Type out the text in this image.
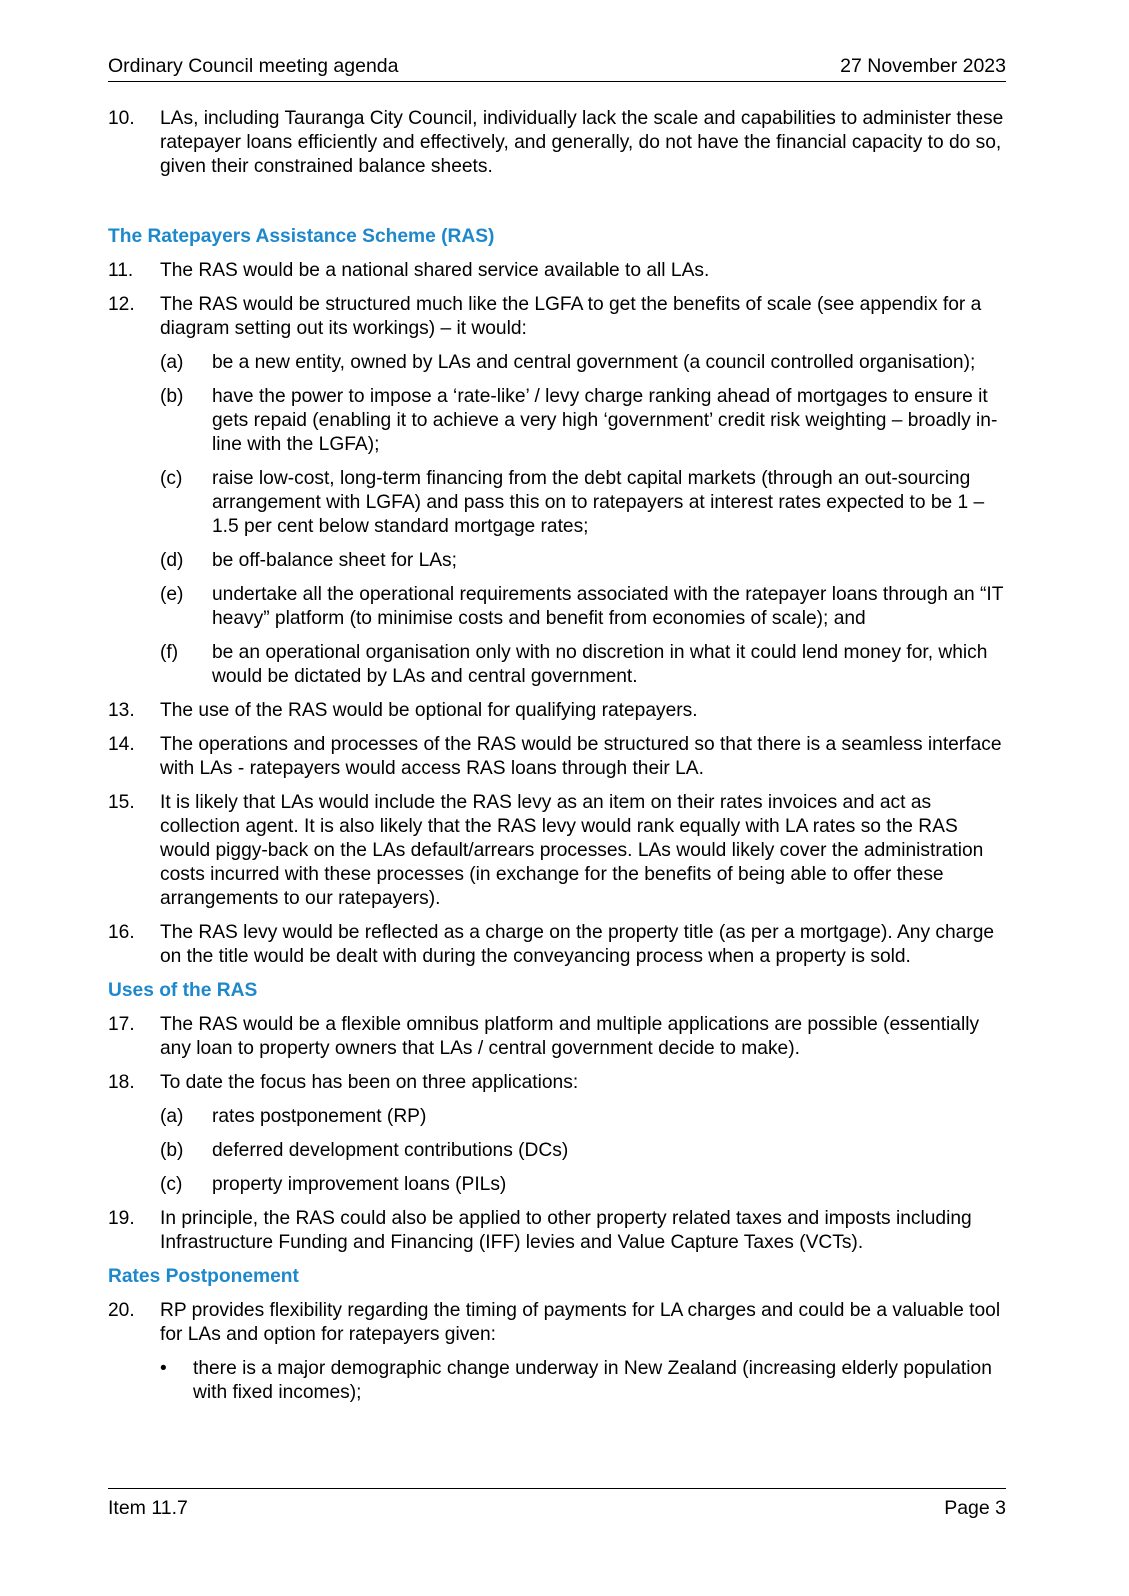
Ordinary Council meeting agenda	27 November 2023
10.	LAs, including Tauranga City Council, individually lack the scale and capabilities to administer these ratepayer loans efficiently and effectively, and generally, do not have the financial capacity to do so, given their constrained balance sheets.
The Ratepayers Assistance Scheme (RAS)
11.	The RAS would be a national shared service available to all LAs.
12.	The RAS would be structured much like the LGFA to get the benefits of scale (see appendix for a diagram setting out its workings) – it would:
(a)	be a new entity, owned by LAs and central government (a council controlled organisation);
(b)	have the power to impose a ‘rate-like’ / levy charge ranking ahead of mortgages to ensure it gets repaid (enabling it to achieve a very high ‘government’ credit risk weighting – broadly in-line with the LGFA);
(c)	raise low-cost, long-term financing from the debt capital markets (through an out-sourcing arrangement with LGFA) and pass this on to ratepayers at interest rates expected to be 1 – 1.5 per cent below standard mortgage rates;
(d)	be off-balance sheet for LAs;
(e)	undertake all the operational requirements associated with the ratepayer loans through an “IT heavy” platform (to minimise costs and benefit from economies of scale); and
(f)	be an operational organisation only with no discretion in what it could lend money for, which would be dictated by LAs and central government.
13.	The use of the RAS would be optional for qualifying ratepayers.
14.	The operations and processes of the RAS would be structured so that there is a seamless interface with LAs - ratepayers would access RAS loans through their LA.
15.	It is likely that LAs would include the RAS levy as an item on their rates invoices and act as collection agent. It is also likely that the RAS levy would rank equally with LA rates so the RAS would piggy-back on the LAs default/arrears processes. LAs would likely cover the administration costs incurred with these processes (in exchange for the benefits of being able to offer these arrangements to our ratepayers).
16.	The RAS levy would be reflected as a charge on the property title (as per a mortgage). Any charge on the title would be dealt with during the conveyancing process when a property is sold.
Uses of the RAS
17.	The RAS would be a flexible omnibus platform and multiple applications are possible (essentially any loan to property owners that LAs / central government decide to make).
18.	To date the focus has been on three applications:
(a)	rates postponement (RP)
(b)	deferred development contributions (DCs)
(c)	property improvement loans (PILs)
19.	In principle, the RAS could also be applied to other property related taxes and imposts including Infrastructure Funding and Financing (IFF) levies and Value Capture Taxes (VCTs).
Rates Postponement
20.	RP provides flexibility regarding the timing of payments for LA charges and could be a valuable tool for LAs and option for ratepayers given:
•	there is a major demographic change underway in New Zealand (increasing elderly population with fixed incomes);
Item 11.7	Page 3
